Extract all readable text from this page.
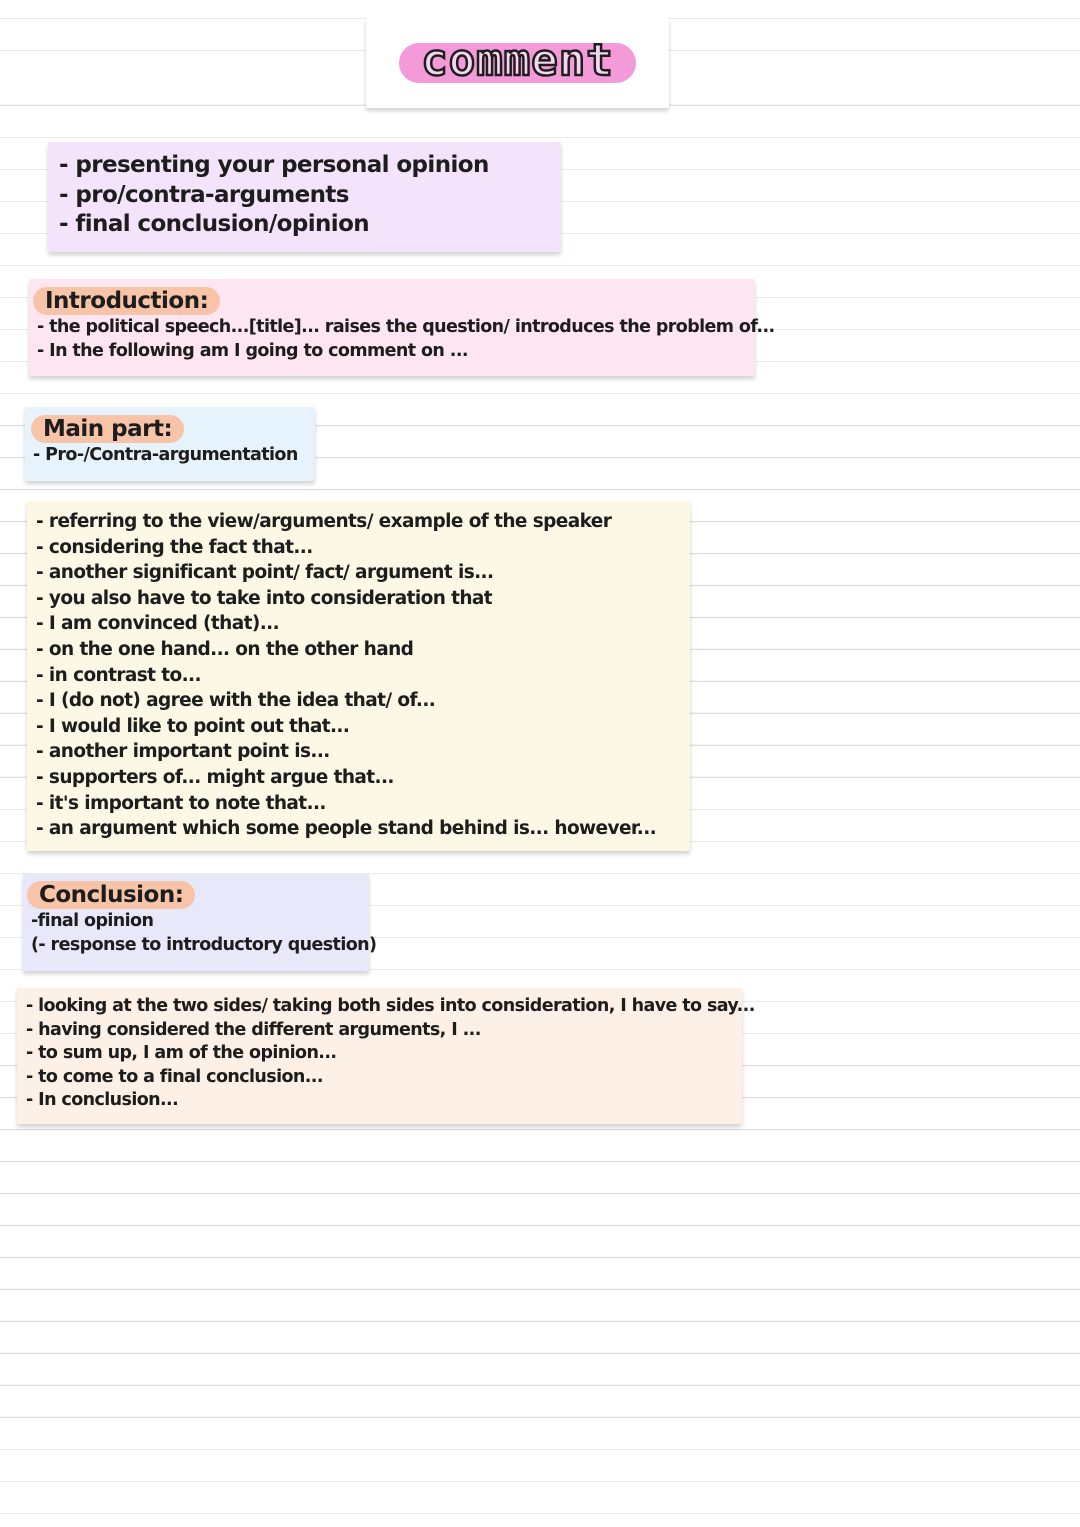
comment
- presenting your personal opinion
- pro/contra-arguments
- final conclusion/opinion
Introduction:
- the political speech...[title]... raises the question/ introduces the problem of...
- In the following am I going to comment on ...
Main part:
- Pro-/Contra-argumentation
- referring to the view/arguments/ example of the speaker
- considering the fact that...
- another significant point/ fact/ argument is...
- you also have to take into consideration that
- I am convinced (that)...
- on the one hand... on the other hand
- in contrast to...
- I (do not) agree with the idea that/ of...
- I would like to point out that...
- another important point is...
- supporters of... might argue that...
- it's important to note that...
- an argument which some people stand behind is... however...
Conclusion:
-final opinion
(- response to introductory question)
- looking at the two sides/ taking both sides into consideration, I have to say...
- having considered the different arguments, I ...
- to sum up, I am of the opinion...
- to come to a final conclusion...
- In conclusion...
